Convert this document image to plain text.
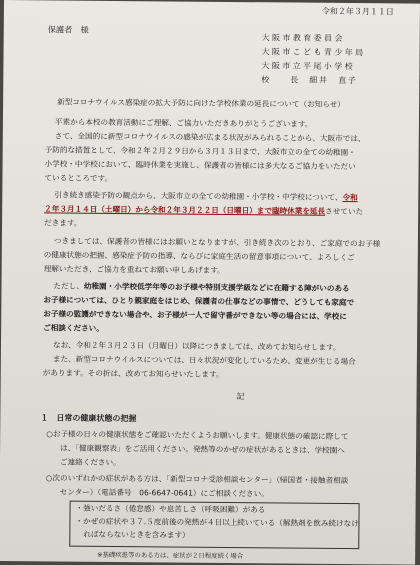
令和２年３月１１日
保護者　様
大阪市教育委員会
大阪市こども青少年局
大阪市立平尾小学校
校　　長　細井　直子
新型コロナウイルス感染症の拡大予防に向けた学校休業の延長について（お知らせ）
平素から本校の教育活動にご理解、ご協力いただきありがとうございます。
さて、全国的に新型コロナウイルスの感染が広まる状況がみられることから、大阪市では、
予防的な措置として、令和２年２月２９日から３月１３日まで、大阪市立の全ての幼稚園・
小学校・中学校において、臨時休業を実施し、保護者の皆様には多大なるご協力をいただい
ているところです。
引き続き感染予防の観点から、大阪市立の全ての幼稚園・小学校・中学校について、令和
２年３月１４日（土曜日）から令和２年３月２２日（日曜日）まで臨時休業を延長させていた
だきます。
つきましては、保護者の皆様にはお願いとなりますが、引き続き次のとおり、ご家庭でのお子様
の健康状態の把握、感染症予防の指導、ならびに家庭生活の留意事項について、よろしくご
理解いただき、ご協力を重ねてお願い申しあげます。
ただし、幼稚園・小学校低学年等のお子様や特別支援学級などに在籍する障がいのある
お子様については、ひとり親家庭をはじめ、保護者の仕事などの事情で、どうしても家庭で
お子様の監護ができない場合や、お子様が一人で留守番ができない等の場合には、学校に
ご相談ください。
なお、令和２年３月２３日（月曜日）以降につきましては、改めてお知らせします。
また、新型コロナウイルスについては、日々状況が変化しているため、変更が生じる場合
があります。その折は、改めてお知らせいたします。
記
１　日常の健康状態の把握
○お子様の日々の健康状態をご確認いただくようお願いします。健康状態の確認に際して
は、「健康観察表」をご活用ください。発熱等のかぜの症状があるときは、学校園へ
ご連絡ください。
○次のいずれかの症状がある方は、「新型コロナ受診相談センター」（帰国者・接触者相談
センター）（電話番号　06-6647-0641）にご相談ください。
・強いだるさ（倦怠感）や息苦しさ（呼吸困難）がある
・かぜの症状や３７.５度前後の発熱が４日以上続いている（解熱剤を飲み続けなけ
ればならないときを含みます）
※基礎疾患等のある方は、症状が２日程度続く場合
